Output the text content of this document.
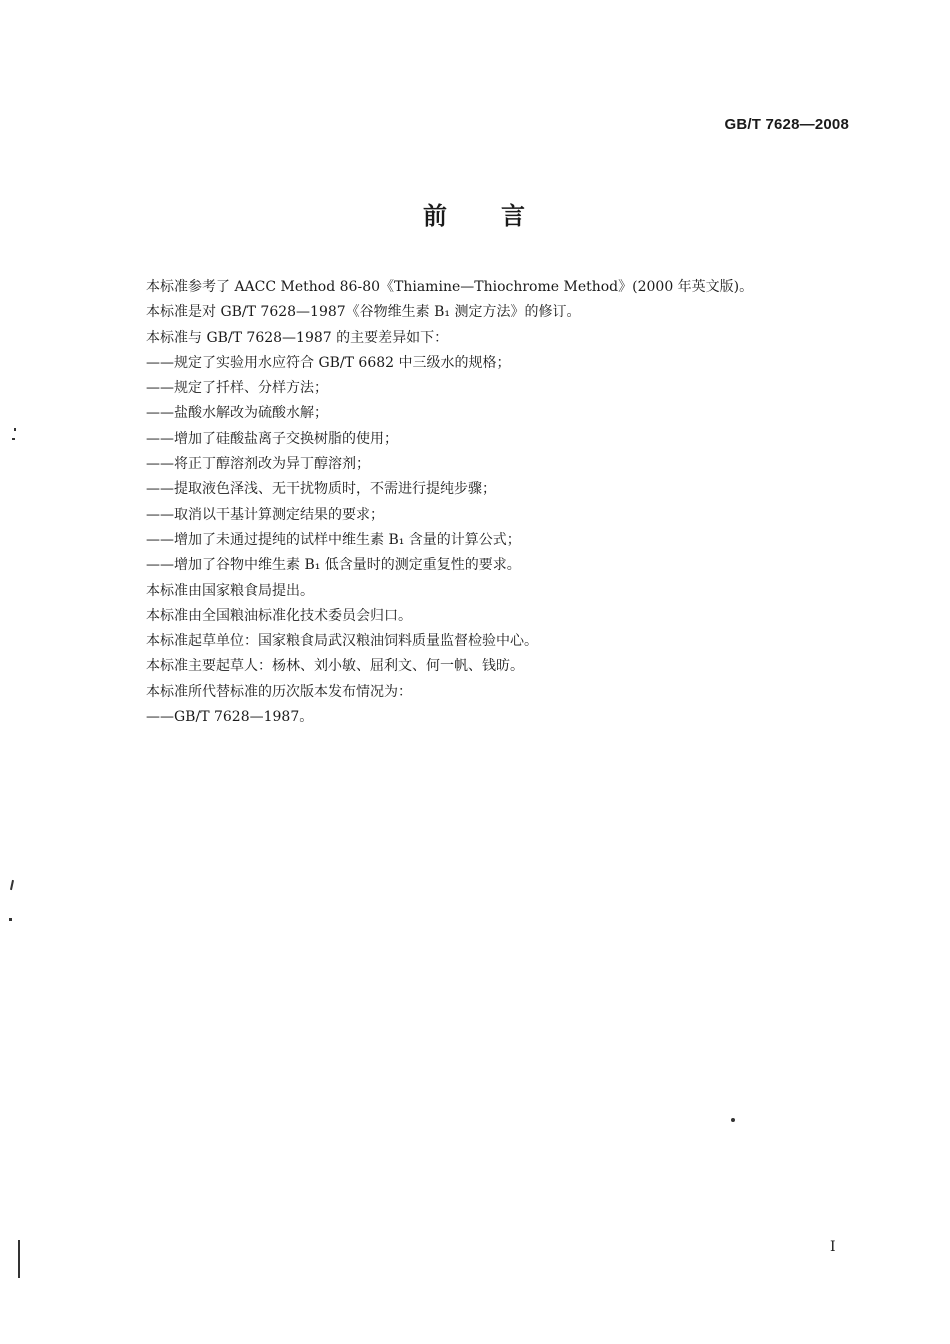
GB/T 7628—2008
前 言
本标准参考了 AACC Method 86-80《Thiamine—Thiochrome Method》(2000 年英文版)。
本标准是对 GB/T 7628—1987《谷物维生素 B₁ 测定方法》的修订。
本标准与 GB/T 7628—1987 的主要差异如下：
——规定了实验用水应符合 GB/T 6682 中三级水的规格；
——规定了扦样、分样方法；
——盐酸水解改为硫酸水解；
——增加了硅酸盐离子交换树脂的使用；
——将正丁醇溶剂改为异丁醇溶剂；
——提取液色泽浅、无干扰物质时，不需进行提纯步骤；
——取消以干基计算测定结果的要求；
——增加了未通过提纯的试样中维生素 B₁ 含量的计算公式；
——增加了谷物中维生素 B₁ 低含量时的测定重复性的要求。
本标准由国家粮食局提出。
本标准由全国粮油标准化技术委员会归口。
本标准起草单位：国家粮食局武汉粮油饲料质量监督检验中心。
本标准主要起草人：杨林、刘小敏、屈利文、何一帆、钱昉。
本标准所代替标准的历次版本发布情况为：
——GB/T 7628—1987。
I
